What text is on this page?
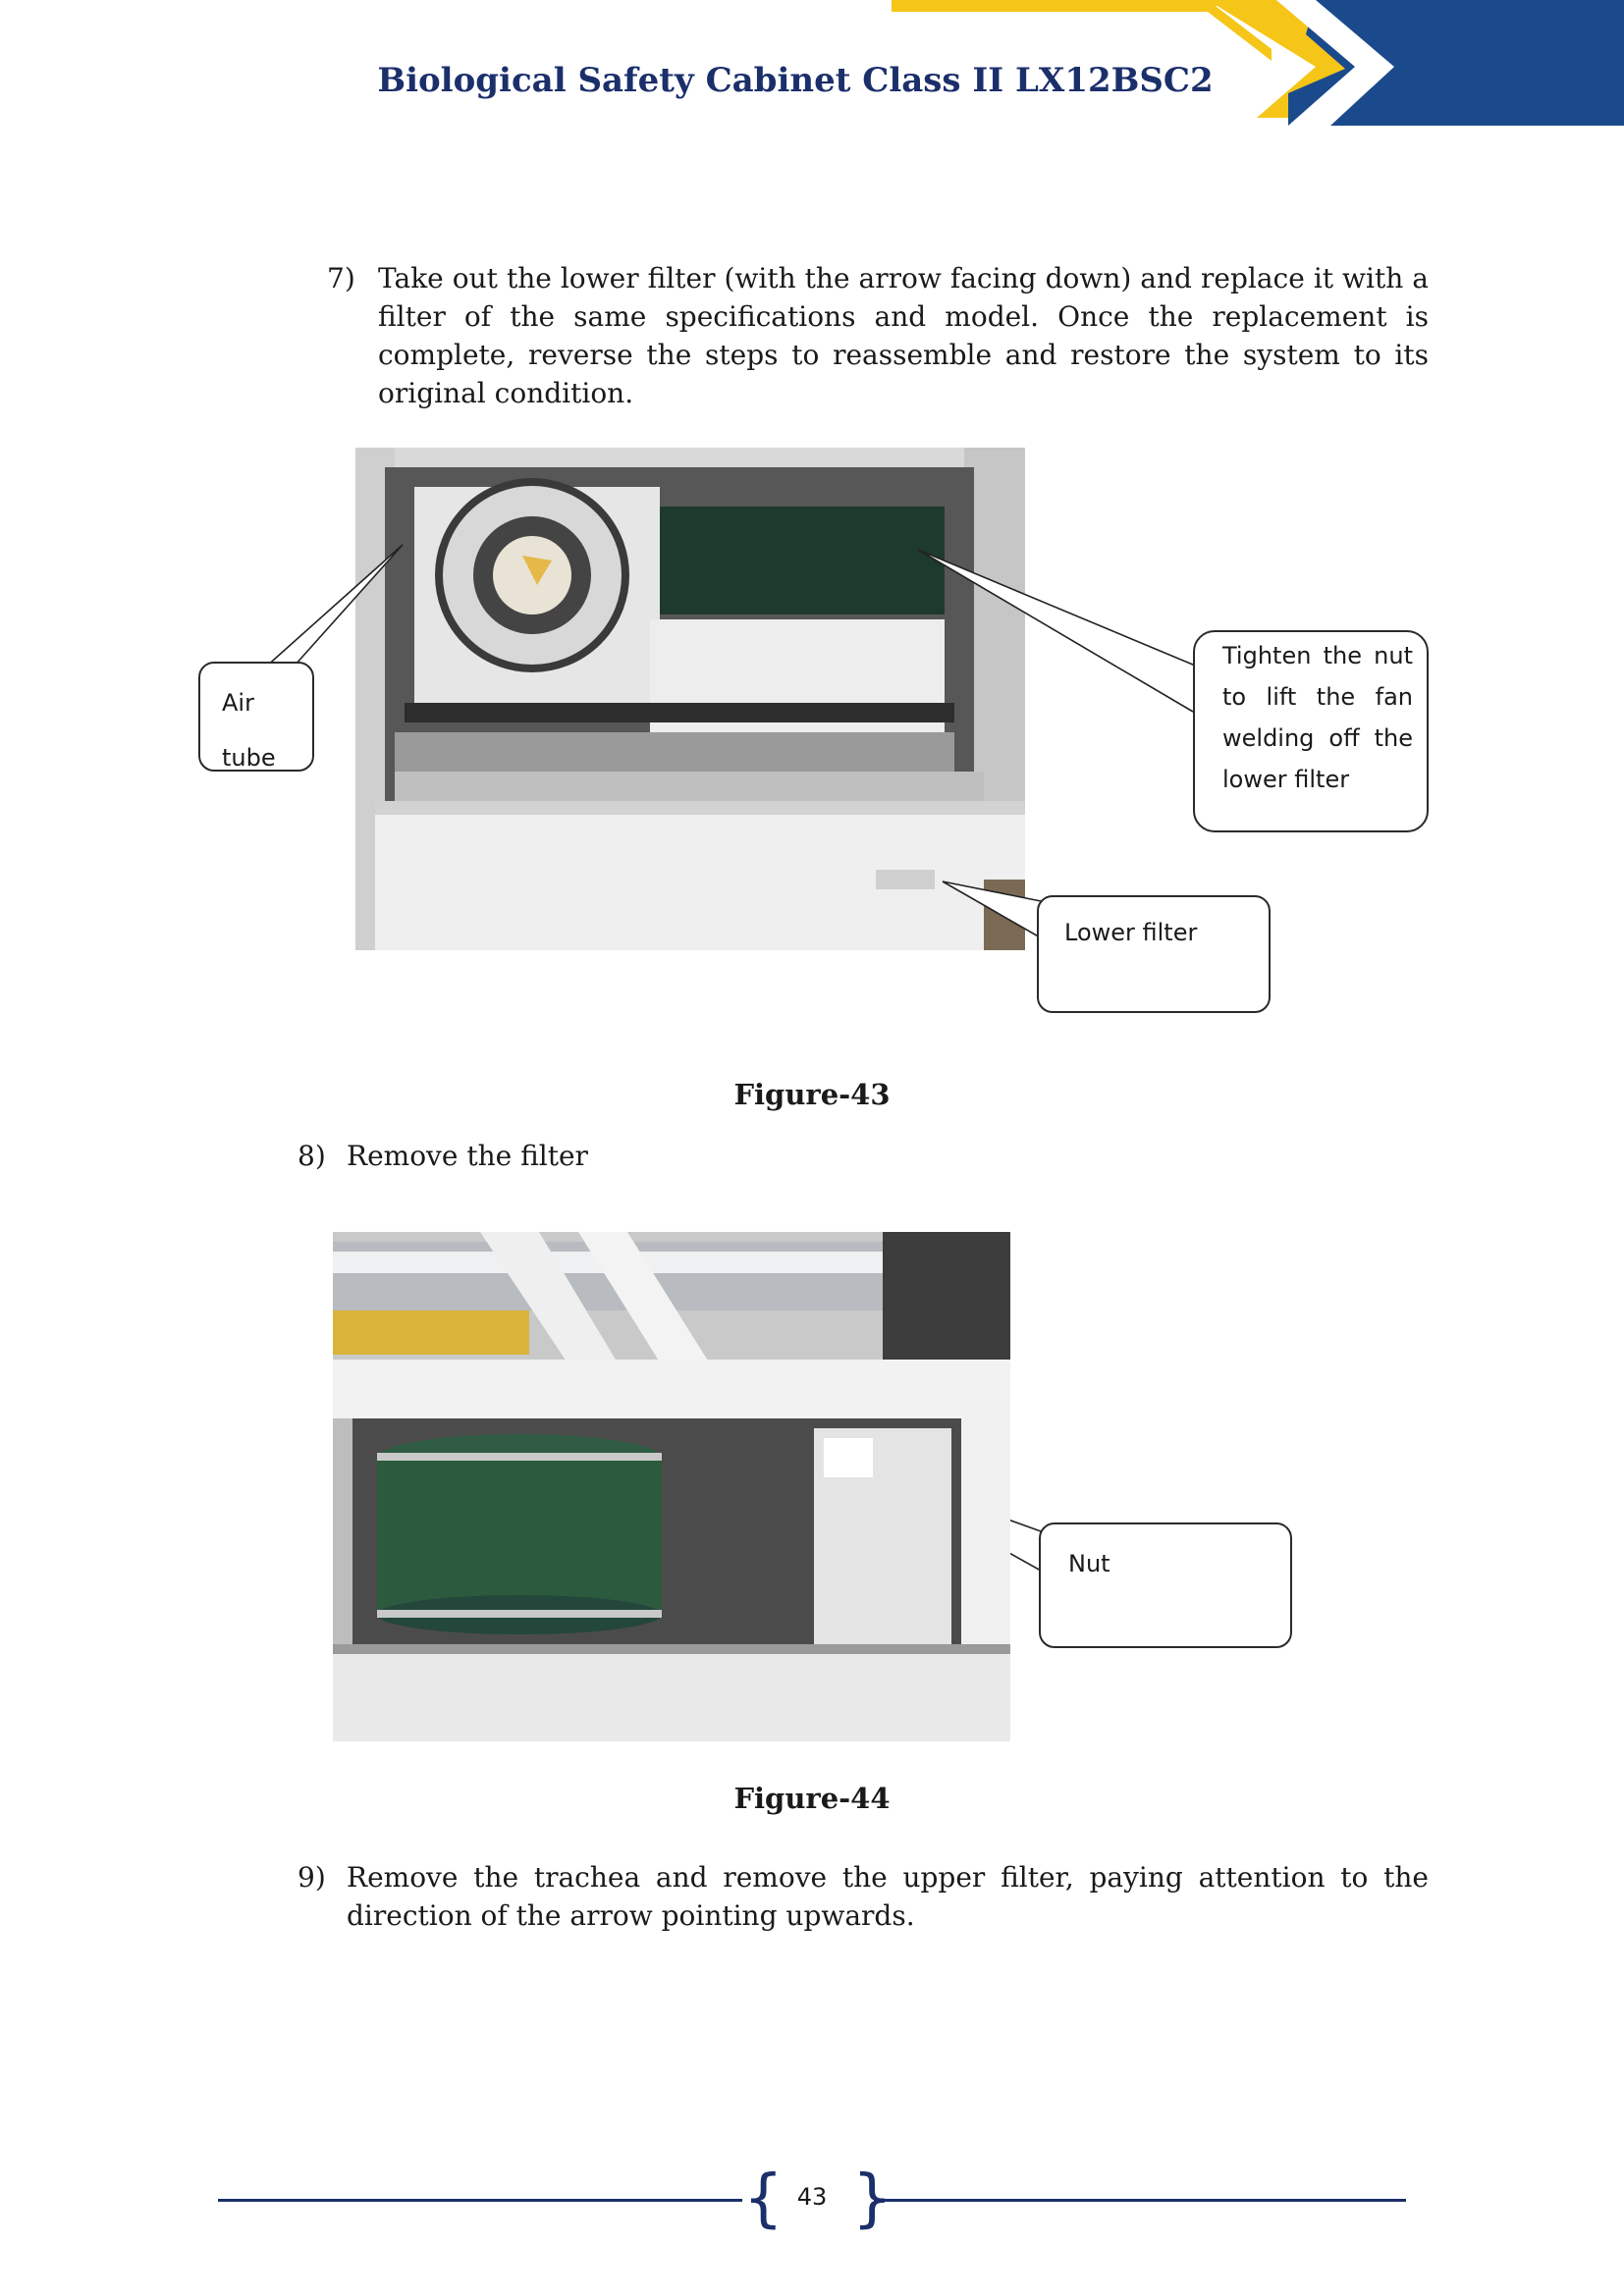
Biological Safety Cabinet Class II LX12BSC2
7) Take out the lower filter (with the arrow facing down) and replace it with a filter of the same specifications and model. Once the replacement is complete, reverse the steps to reassemble and restore the system to its original condition.
Air
tube
Tighten the nut
to lift the fan
welding off the
lower filter
Lower filter
Figure-43
8) Remove the filter
Nut
Figure-44
9) Remove the trachea and remove the upper filter, paying attention to the direction of the arrow pointing upwards.
{ }
43
